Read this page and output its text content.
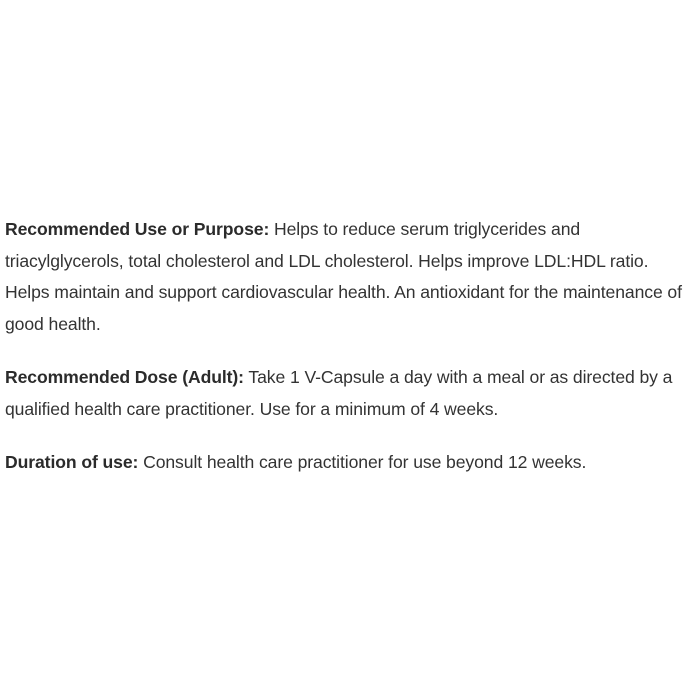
Recommended Use or Purpose: Helps to reduce serum triglycerides and triacylglycerols, total cholesterol and LDL cholesterol. Helps improve LDL:HDL ratio. Helps maintain and support cardiovascular health. An antioxidant for the maintenance of good health.

Recommended Dose (Adult): Take 1 V-Capsule a day with a meal or as directed by a qualified health care practitioner. Use for a minimum of 4 weeks.

Duration of use: Consult health care practitioner for use beyond 12 weeks.
